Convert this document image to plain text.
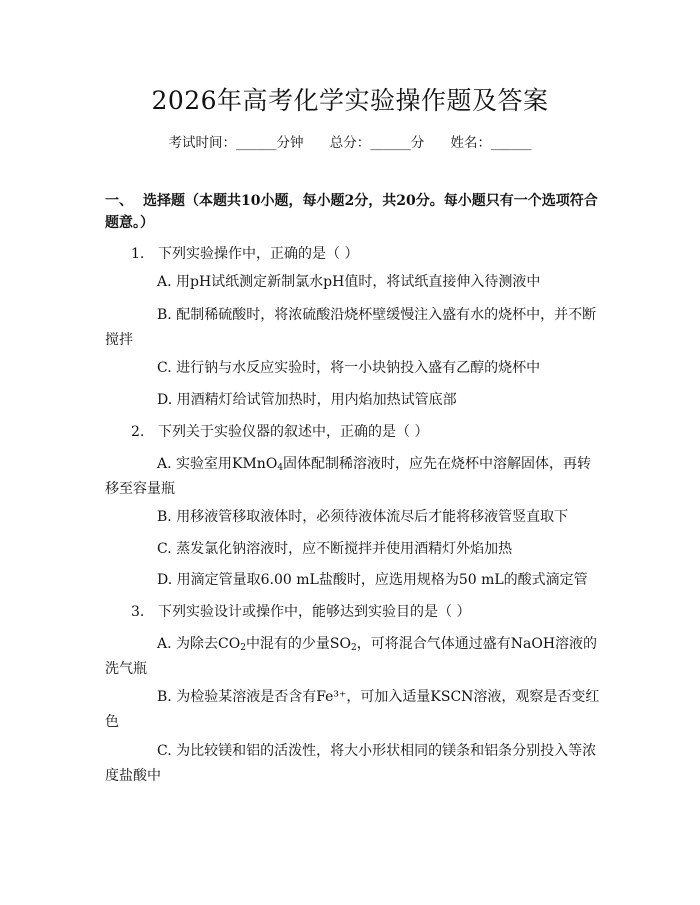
2026年高考化学实验操作题及答案
考试时间：______分钟 总分：______分 姓名：______
一、 选择题（本题共10小题，每小题2分，共20分。每小题只有一个选项符合题意。）
1. 下列实验操作中，正确的是（ ）
A. 用pH试纸测定新制氯水pH值时，将试纸直接伸入待测液中
B. 配制稀硫酸时，将浓硫酸沿烧杯壁缓慢注入盛有水的烧杯中，并不断搅拌
C. 进行钠与水反应实验时，将一小块钠投入盛有乙醇的烧杯中
D. 用酒精灯给试管加热时，用内焰加热试管底部
2. 下列关于实验仪器的叙述中，正确的是（ ）
A. 实验室用KMnO$_4$固体配制稀溶液时，应先在烧杯中溶解固体，再转移至容量瓶
B. 用移液管移取液体时，必须待液体流尽后才能将移液管竖直取下
C. 蒸发氯化钠溶液时，应不断搅拌并使用酒精灯外焰加热
D. 用滴定管量取6.00 mL盐酸时，应选用规格为50 mL的酸式滴定管
3. 下列实验设计或操作中，能够达到实验目的是（ ）
A. 为除去$CO_2$中混有的少量$SO_2$，可将混合气体通过盛有NaOH溶液的洗气瓶
B. 为检验某溶液是否含有Fe³⁺，可加入适量KSCN溶液，观察是否变红色
C. 为比较镁和铝的活泼性，将大小形状相同的镁条和铝条分别投入等浓度盐酸中
